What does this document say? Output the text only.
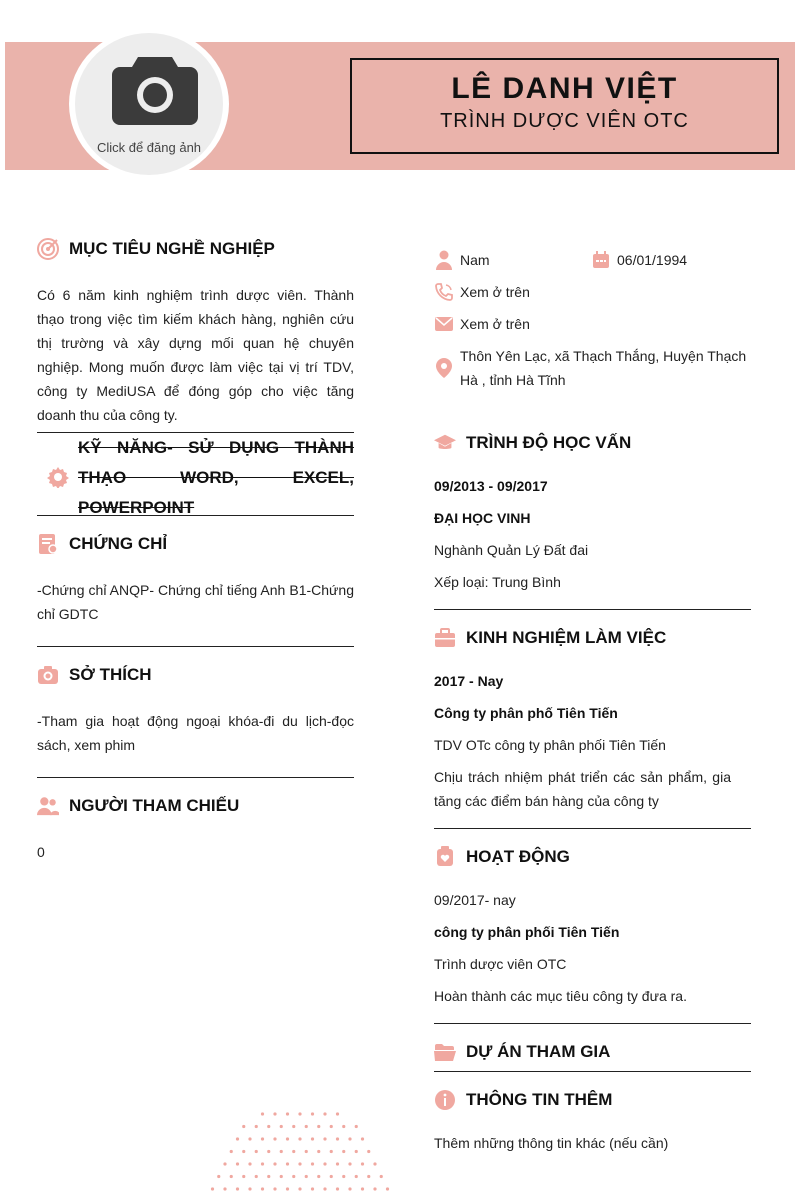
Click để đăng ảnh
LÊ DANH VIỆT
TRÌNH DƯỢC VIÊN OTC
MỤC TIÊU NGHỀ NGHIỆP
Có 6 năm kinh nghiệm trình dược viên. Thành thạo trong việc tìm kiếm khách hàng, nghiên cứu thị trường và xây dựng mối quan hệ chuyên nghiệp. Mong muốn được làm việc tại vị trí TDV, công ty MediUSA để đóng góp cho việc tăng doanh thu của công ty.
KỸ NĂNG- SỬ DỤNG THÀNH THẠO WORD, EXCEL, POWERPOINT
CHỨNG CHỈ
-Chứng chỉ ANQP- Chứng chỉ tiếng Anh B1-Chứng chỉ GDTC
SỞ THÍCH
-Tham gia hoạt động ngoại khóa-đi du lịch-đọc sách, xem phim
NGƯỜI THAM CHIẾU
0
Nam	06/01/1994
Xem ở trên
Xem ở trên
Thôn Yên Lạc, xã Thạch Thắng, Huyện Thạch Hà , tỉnh Hà Tĩnh
TRÌNH ĐỘ HỌC VẤN
09/2013 - 09/2017
ĐẠI HỌC VINH
Nghành Quản Lý Đất đai
Xếp loại: Trung Bình
KINH NGHIỆM LÀM VIỆC
2017 - Nay
Công ty phân phố Tiên Tiến
TDV OTc công ty phân phối Tiên Tiến
Chịu trách nhiệm phát triển các sản phẩm, gia tăng các điểm bán hàng của công ty
HOẠT ĐỘNG
09/2017- nay
công ty phân phối Tiên Tiến
Trình dược viên OTC
Hoàn thành các mục tiêu công ty đưa ra.
DỰ ÁN THAM GIA
THÔNG TIN THÊM
Thêm những thông tin khác (nếu cần)
